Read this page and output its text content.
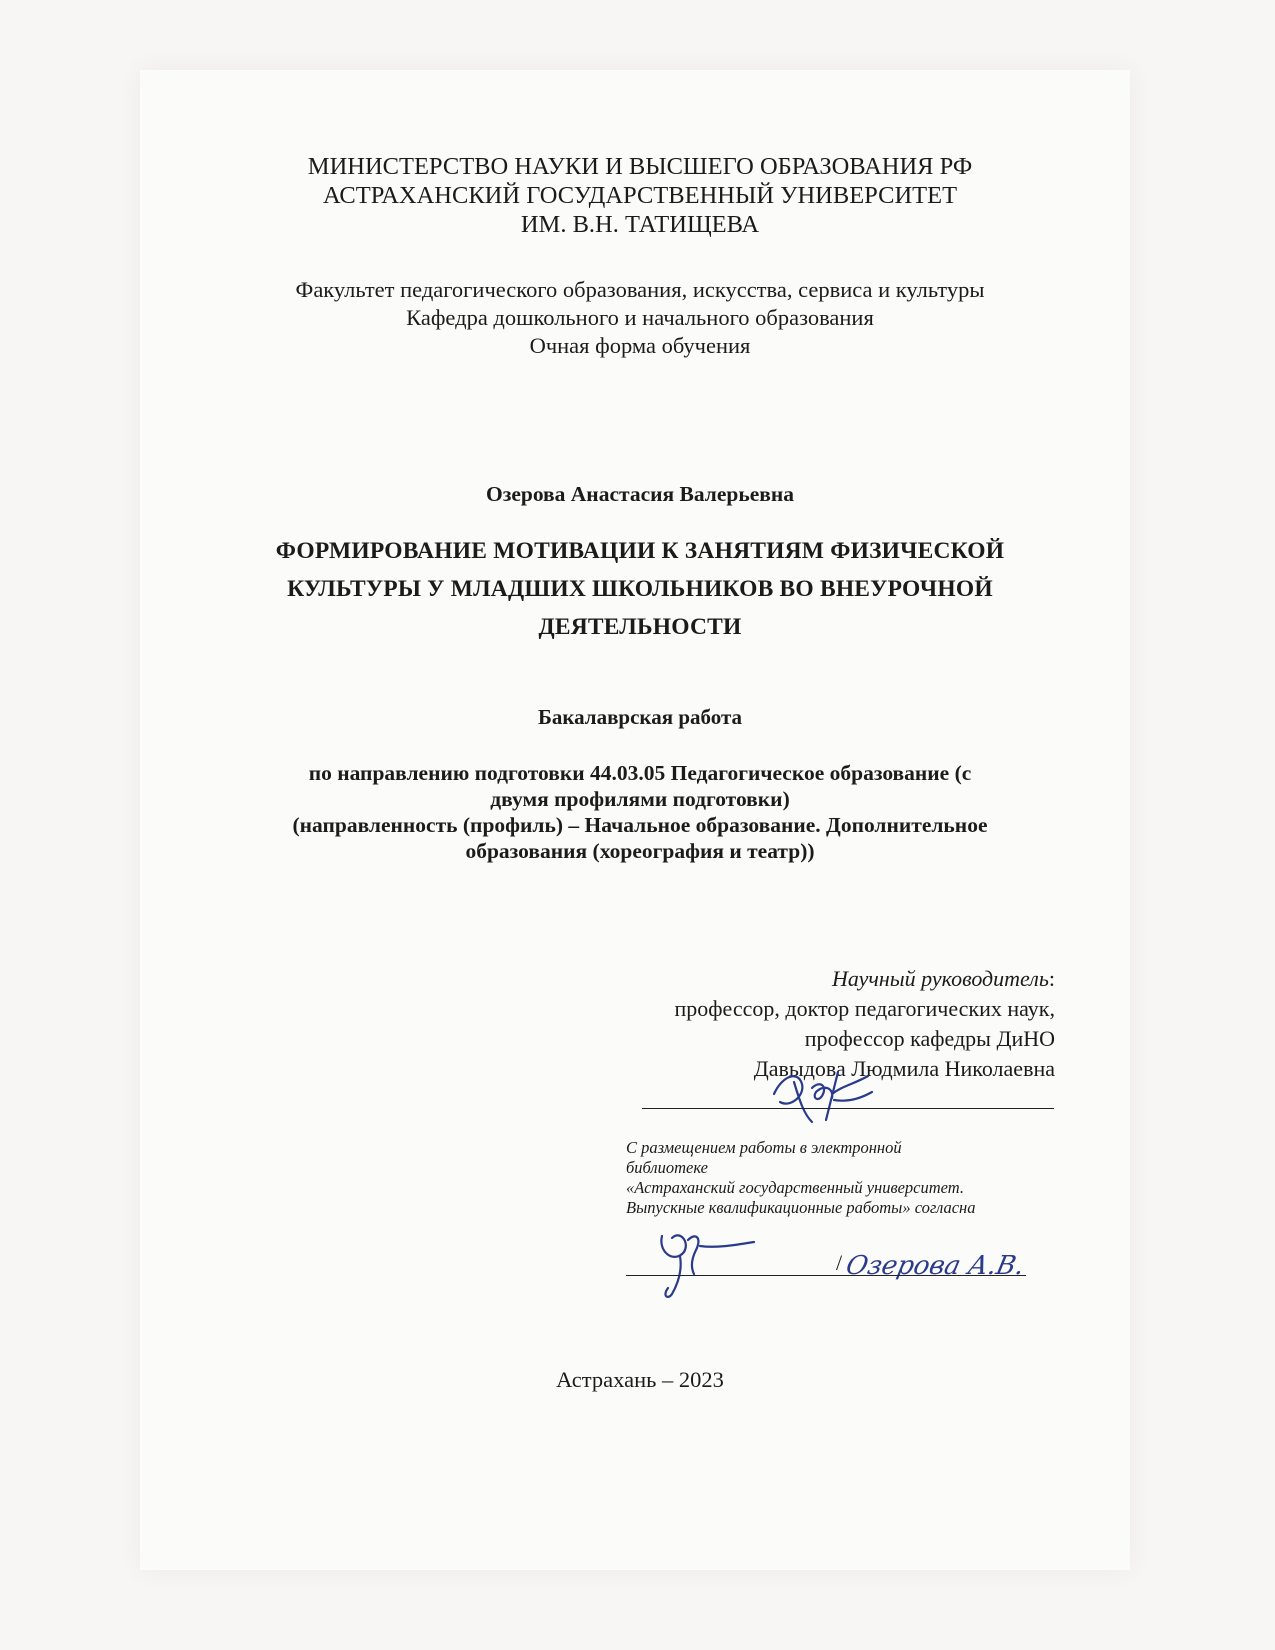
МИНИСТЕРСТВО НАУКИ И ВЫСШЕГО ОБРАЗОВАНИЯ РФ
АСТРАХАНСКИЙ ГОСУДАРСТВЕННЫЙ УНИВЕРСИТЕТ
ИМ. В.Н. ТАТИЩЕВА
Факультет педагогического образования, искусства, сервиса и культуры
Кафедра дошкольного и начального образования
Очная форма обучения
Озерова Анастасия Валерьевна
ФОРМИРОВАНИЕ МОТИВАЦИИ К ЗАНЯТИЯМ ФИЗИЧЕСКОЙ
КУЛЬТУРЫ У МЛАДШИХ ШКОЛЬНИКОВ ВО ВНЕУРОЧНОЙ
ДЕЯТЕЛЬНОСТИ
Бакалаврская работа
по направлению подготовки 44.03.05 Педагогическое образование (с
двумя профилями подготовки)
(направленность (профиль) – Начальное образование. Дополнительное
образования (хореография и театр))
Научный руководитель:
профессор, доктор педагогических наук,
профессор кафедры ДиНО
Давыдова Людмила Николаевна
С размещением работы в электронной
библиотеке
«Астраханский государственный университет.
Выпускные квалификационные работы» согласна
/ Озерова А.В.
Астрахань – 2023
